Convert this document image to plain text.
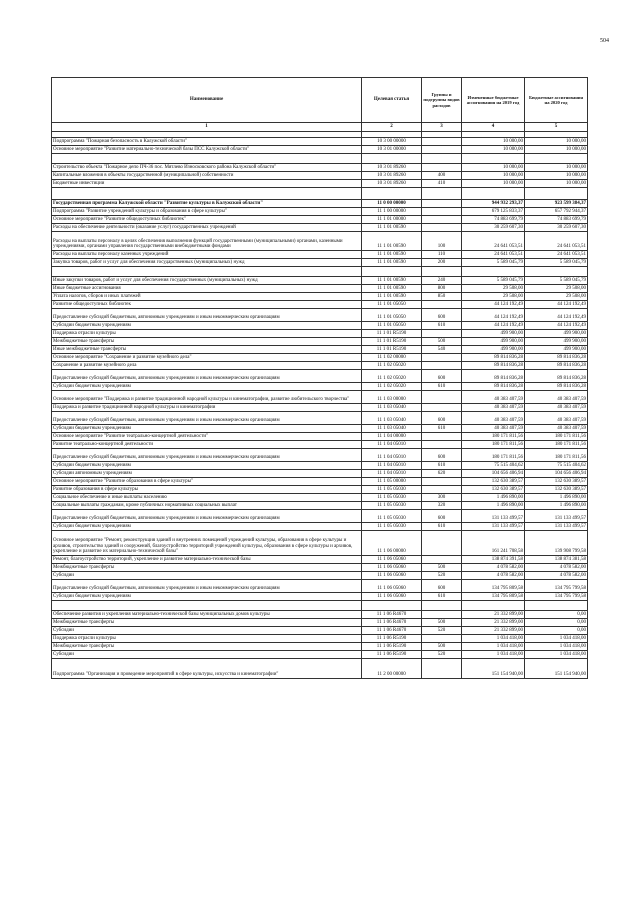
504
Наименование	Целевая статья	Группы и подгруппы видов расходов	Измененные бюджетные ассигнования на 2019 год	Бюджетные ассигнования на 2020 год
1	2	3	4	5

Подпрограмма "Пожарная безопасность в Калужской области"	10 3 00 00000		10 000,00	10 000,00
Основное мероприятие "Развитие материально-технической базы ПСС Калужской области"	10 3 01 00000		10 000,00	10 000,00

Строительство объекта "Пожарное депо ПЧ-36 пос. Мятлево Износковского района Калужской области"	10 3 01 89260		10 000,00	10 000,00
Капитальные вложения в объекты государственной (муниципальной) собственности	10 3 01 89260	400	10 000,00	10 000,00
Бюджетные инвестиции	10 3 01 89260	410	10 000,00	10 000,00

Государственная программа Калужской области "Развитие культуры в Калужской области"	11 0 00 00000		944 932 293,37	923 599 384,37
Подпрограмма "Развитие учреждений культуры и образования в сфере культуры"	11 1 00 00000		679 125 833,37	657 792 944,37
Основное мероприятие "Развитие общедоступных библиотек"	11 1 01 00000		74 883 699,79	74 883 699,79
Расходы на обеспечение деятельности (оказание услуг) государственных учреждений	11 1 01 00590		30 259 607,30	30 259 607,30
Расходы на выплаты персоналу в целях обеспечения выполнения функций государственными (муниципальными) органами, казенными учреждениями, органами управления государственными внебюджетными фондами	11 1 01 00590	100	24 641 053,51	24 641 053,51
Расходы на выплаты персоналу казенных учреждений	11 1 01 00590	110	24 641 053,51	24 641 053,51
Закупка товаров, работ и услуг для обеспечения государственных (муниципальных) нужд	11 1 01 00590	200	5 589 045,79	5 589 045,79

Иные закупки товаров, работ и услуг для обеспечения государственных (муниципальных) нужд	11 1 01 00590	240	5 589 045,79	5 589 045,79
Иные бюджетные ассигнования	11 1 01 00590	800	29 508,00	29 508,00
Уплата налогов, сборов и иных платежей	11 1 01 00590	850	29 508,00	29 508,00
Развитие общедоступных библиотек	11 1 01 05050		44 124 192,49	44 124 192,49
Предоставление субсидий бюджетным, автономным учреждениям и иным некоммерческим организациям	11 1 01 05050	600	44 124 192,49	44 124 192,49
Субсидии бюджетным учреждениям	11 1 01 05050	610	44 124 192,49	44 124 192,49
Поддержка отрасли культуры	11 1 01 R5190		499 900,00	499 900,00
Межбюджетные трансферты	11 1 01 R5190	500	499 900,00	499 900,00
Иные межбюджетные трансферты	11 1 01 R5190	540	499 900,00	499 900,00
Основное мероприятие "Сохранение и развитие музейного дела"	11 1 02 00000		89 814 836,28	89 814 836,28
Сохранение и развитие музейного дела	11 1 02 05020		89 814 836,28	89 814 836,28
Предоставление субсидий бюджетным, автономным учреждениям и иным некоммерческим организациям	11 1 02 05020	600	89 814 836,28	89 814 836,28
Субсидии бюджетным учреждениям	11 1 02 05020	610	89 814 836,28	89 814 836,28
Основное мероприятие "Поддержка и развитие традиционной народной культуры и кинематографии, развитие любительского творчества"	11 1 03 00000		40 383 407,59	40 383 407,59
Поддержка и развитие традиционной народной культуры и кинематографии	11 1 03 05040		40 383 407,59	40 383 407,59
Предоставление субсидий бюджетным, автономным учреждениям и иным некоммерческим организациям	11 1 03 05040	600	40 383 407,59	40 383 407,59
Субсидии бюджетным учреждениям	11 1 03 05040	610	40 383 407,59	40 383 407,59
Основное мероприятие "Развитие театрально-концертной деятельности"	11 1 04 00000		180 171 811,56	180 171 811,56
Развитие театрально-концертной деятельности	11 1 04 05010		180 171 811,56	180 171 811,56
Предоставление субсидий бюджетным, автономным учреждениям и иным некоммерческим организациям	11 1 04 05010	600	180 171 811,56	180 171 811,56
Субсидии бюджетным учреждениям	11 1 04 05010	610	75 515 404,62	75 515 404,62
Субсидии автономным учреждениям	11 1 04 05010	620	104 656 406,94	104 656 406,94
Основное мероприятие "Развитие образования в сфере культуры"	11 1 05 00000		132 630 389,57	132 630 389,57
Развитие образования в сфере культуры	11 1 05 05030		132 630 389,57	132 630 389,57
Социальное обеспечение и иные выплаты населению	11 1 05 05030	300	1 496 890,00	1 496 890,00
Социальные выплаты гражданам, кроме публичных нормативных социальных выплат	11 1 05 05030	320	1 496 890,00	1 496 890,00
Предоставление субсидий бюджетным, автономным учреждениям и иным некоммерческим организациям	11 1 05 05030	600	131 133 499,57	131 133 499,57
Субсидии бюджетным учреждениям	11 1 05 05030	610	131 133 499,57	131 133 499,57
Основное мероприятие "Ремонт, реконструкция зданий и внутренних помещений учреждений культуры, образования в сфере культуры и архивов, строительство зданий и сооружений, благоустройство территорий учреждений культуры, образования в сфере культуры и архивов, укрепление и развитие их материально-технической базы"	11 1 06 00000		161 241 708,58	139 908 799,58
Ремонт, благоустройство территорий, укрепление и развитие материально-технической базы	11 1 06 05060		138 874 391,58	138 874 381,58
Межбюджетные трансферты	11 1 06 05060	500	4 078 582,00	4 078 582,00
Субсидии	11 1 06 05060	520	4 078 582,00	4 078 582,00
Предоставление субсидий бюджетным, автономным учреждениям и иным некоммерческим организациям	11 1 06 05060	600	134 795 809,58	134 795 799,58
Субсидии бюджетным учреждениям	11 1 06 05060	610	134 795 809,58	134 795 799,58

Обеспечение развития и укрепления материально-технической базы муниципальных домов культуры	11 1 06 R4670		21 332 899,00	0,00
Межбюджетные трансферты	11 1 06 R4670	500	21 332 899,00	0,00
Субсидии	11 1 06 R4670	520	21 332 899,00	0,00
Поддержка отрасли культуры	11 1 06 R5190		1 034 418,00	1 034 418,00
Межбюджетные трансферты	11 1 06 R5190	500	1 034 418,00	1 034 418,00
Субсидии	11 1 06 R5190	520	1 034 418,00	1 034 418,00
Подпрограмма "Организация и проведение мероприятий в сфере культуры, искусства и кинематографии"	11 2 00 00000		151 154 940,00	151 154 940,00
